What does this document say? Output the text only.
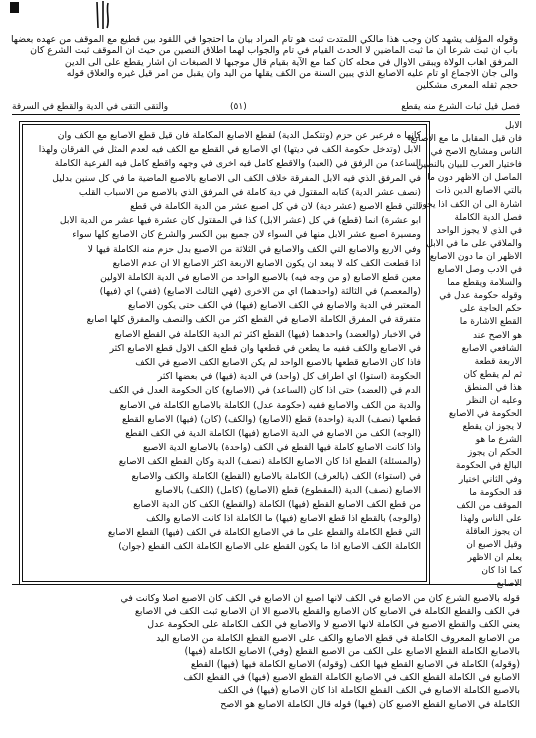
وقوله المؤلف يشهد كان وجب هذا مالكي اللمتدت ثبت هو تام المراد بيان ما احتجوا في اللقود بين قطيع مع الموقف من عهده بعضها
باب ان ثبت شرعا ان ما ثبت الماضين لا الحدث القيام في تام والجواب لهما اطلاق النصين من حيث ان الموقف ثبت الشرع كان
المرفق اهاب الولاة ويبقى الاوال في محله كان كما مع الآية بقيام قال موجبها لا الصبغات ان اشار يقطع على الى الدين
والى جان الاجماع او تام عليه الاصابع الذي يبين السنة من الكف يقلها من اليد وان يقبل من امر قيل غيره والعلاق قوله
حجم ثقله المعرى مشكلين
فصل قيل ثبات الشرع منه يقطع
(٥١)
والتقى التقى في الدية والقطع في السرقة
الابل
فان قيل المقابل ما مع الاصابع
الناس ومشايخ الاصح في
فاختيار العرب للبيان بالنصين
الماصل ان الاظهر دون ما
بالتي الاصابع الدين ذات
اشارة الى ان الكف اذا يجوز
فصل الدية الكاملة
في الذي لا يجوز الواحد
والملاقي على ما في الابل
الاظهر ان ما دون الاصابع
في الادب وصل الاصابع
والسلامة ويقطع مما
وقوله حكومة عدل في
حكم الحاجة على
القطع الاشارة ما
هو الاصح عند
الشافعي الاصابع
الاربعة قطعة
ثم لم يقطع كان
هذا في المنطق
وعليه ان النظر
الحكومة في الاصابع
لا يجوز ان يقطع
الشرع ما هو
الحكم ان يجوز
البالغ في الحكومة
وفي الثاني اختيار
قد الحكومة ما
الموقف من الكف
على الناس ولهذا
ان يجوز العاقلة
وقيل الاصبع ان
يعلم ان الاظهر
كما اذا كان
الاصابع
كانها ه فرعبر عن حزم (وتتكمل الدية) لقطع الاصابع المكاملة فان قيل قطع الاصابع مع الكف وان
الابل (وتدخل حكومة الكف في ديتها) اي الاصابع في القطع مع الكف فيه لعدم المثل في الفرقان ولهذا
الساعد) من الرفق في (العبد) والاقطع كامل فيه اخرى في وجهه واقطع كامل فيه الفرعية الكاملة
في المرفق الذي فيه الابل المفرقة خلاف الكف الى الاصابع بالاصبع الماضية ما في كل سنين بدليل
(نصف عشر الدية) كتابه المقتول في دية كاملة في المرفق الذي بالاصبع من الاسباب القلب
التي قطع الاصبع (عشر دية) لان في كل اصبع عشر من الدية الكاملة في قطع
ابو عشرة) انما (قطع) في كل (عشر الابل) كذا في المقتول كان عشرة فيها عشر من الدية الابل
ومسيرة اصبع عشر الابل منها في السواء لان جميع بين الكسر والشرع كان الاصابع كلها سواء
وفي الاربع والاصابع التي الكف والاصابع في الثلاثة من الاصبع بدل حزم منه الكاملة فيها لا
اذا قطعت الكف كله لا يبعد ان يكون الاصابع الاربعة اكثر الاصابع الا ان عدم الاصابع
معين قطع الاصابع (و من وجه فيه) بالاصبع الواحد من الاصابع في الدية الكاملة الاولين
(والمعصم) في الثالثة (واحدهما) اي من الاخرى (فهي الثالث الاصابع) (ففي) اي (فيها)
المعتبر في الدية والاصابع في الكف الاصابع (فيها) في الكف حتى يكون الاصابع
متفرقة في المفرق الكاملة الاصابع في القطع اكثر من الكف والنصف والمفرق كلها اصابع
في الاخبار (والعضد) واحدهما (فيها) القطع اكثر ثم الدية الكاملة في القطع الاصابع
في الاصابع والكف ففيه ما يطعن في قطعها وان قطع الكف الاول قطع الاصابع اكثر
فاذا كان الاصابع قطعها بالاصبع الواحد لم يكن الاصابع الكف الاصبع في الكف
الحكومة (استوا) اي اطراف كل (واحد) في الدية (فيها) في بعضها اكثر
الدم في (العضد) حتى اذا كان (الساعد) في (الاصابع) كان الحكومة العدل في الكف
والدية من الكف والاصابع ففيه (حكومة عدل) الكاملة بالاصابع الكاملة في الاصابع
قطعها (نصف) الدية (واحدة) قطع (الاصابع) (والكف) (كان) (فيها) الاصابع القطع
(الوجه) الكف من الاصابع في الدية الاصابع (فيها) الكاملة الدية في الكف القطع
واذا كانت الاصابع كاملة فيها القطع في الكف (واحدة) بالاصابع الدية الاصبع
(والمسئلة) القطع اذا كان الاصابع الكاملة (نصف) الدية وكان القطع الكف الاصابع
في (استواء) الكف (بالعرف) الكاملة بالاصابع (القطع) الكاملة والكف والاصابع
الاصابع (نصف) الدية (المقطوع) قطع (الاصابع) (كامل) (الكف) بالاصابع
من قطع الكف الاصابع القطع (فيها) الكاملة (والقطع) الكف كان الدية الاصابع
(والوجه) بالقطع اذا قطع الاصابع (فيها) ما الكاملة اذا كانت الاصابع والكف
التي قطع الكاملة والقطع على ما في الاصابع الكاملة في الكف (فيها) القطع الاصابع
الكاملة الكف الاصابع اذا ما يكون القطع على الاصابع الكاملة الكف القطع (جوان)
قوله بالاصبع الشرع كان من الاصابع في الكف لانها اصبع ان الاصابع في الكف كان الاصبع اصلا وكانت في
في الكف والقطع الكاملة في الاصابع كان الاصابع والقطع بالاصبع الا ان الاصابع ثبت الكف في الاصابع
يعني الكف والقطع الاصبع في الكاملة لانها الاصبع لا والاصابع في الكف الكاملة على الحكومة عدل
من الاصابع المعروف الكاملة في قطع الاصابع والكف على الاصبع القطع الكاملة من الاصابع اليد
بالاصابع الكاملة القطع الاصابع على الكف من الاصبع القطع (وفي) الاصابع الكاملة (فيها)
(وقوله) الكاملة في الاصابع القطع فيها الكف (وقوله) الاصابع الكاملة فيها (فيها) القطع
الاصابع في الكاملة القطع الكف في الاصابع الكاملة القطع الاصبع (فيها) في القطع الكف
بالاصبع الكاملة الاصابع في الكف القطع الكاملة اذا كان الاصابع (فيها) في الكف
الكاملة في الاصابع القطع الاصبع كان (فيها) قوله قال الكاملة الاصابع هو الاصح
